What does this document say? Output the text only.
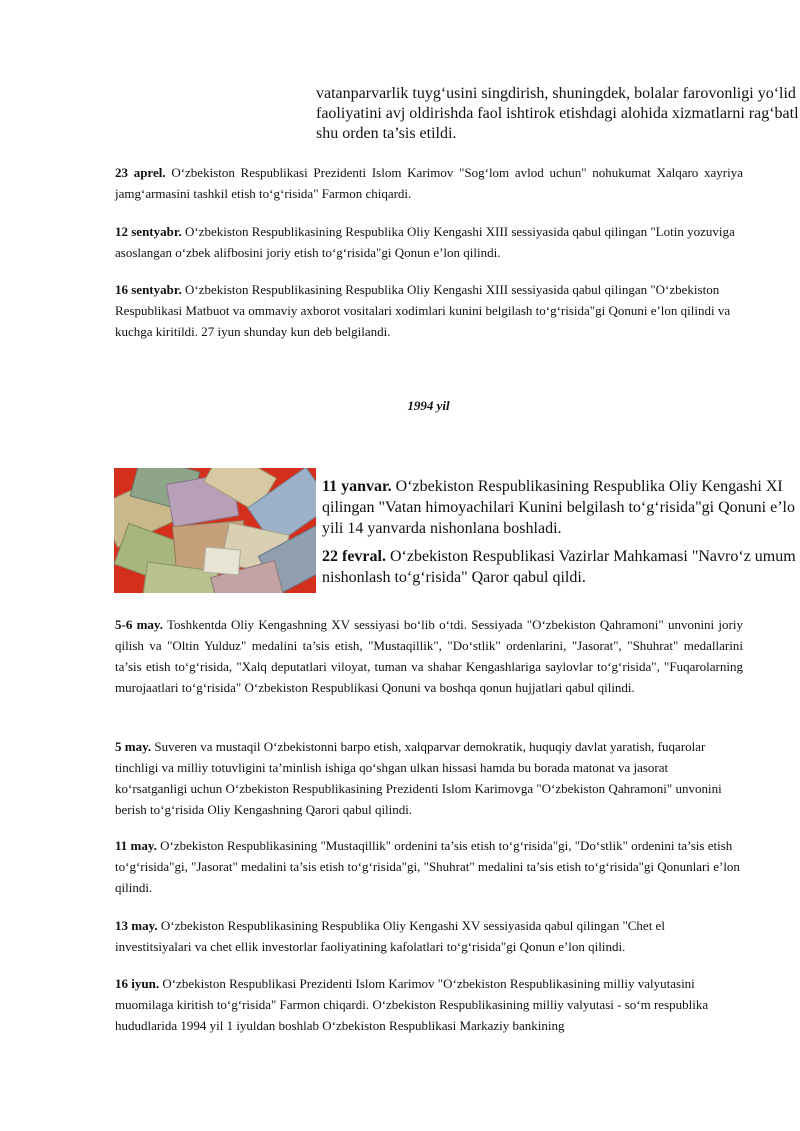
vatanparvarlik tuyg‘usini singdirish, shuningdek, bolalar farovonligi yo‘lid
faoliyatini avj oldirishda faol ishtirok etishdagi alohida xizmatlarni rag‘batl
shu orden ta’sis etildi.
23 aprel. O‘zbekiston Respublikasi Prezidenti Islom Karimov "Sog‘lom avlod uchun" nohukumat Xalqaro xayriya jamg‘armasini tashkil etish to‘g‘risida" Farmon chiqardi.
12 sentyabr. O‘zbekiston Respublikasining Respublika Oliy Kengashi XIII sessiyasida qabul qilingan "Lotin yozuviga asoslangan o‘zbek alifbosini joriy etish to‘g‘risida"gi Qonun e’lon qilindi.
16 sentyabr. O‘zbekiston Respublikasining Respublika Oliy Kengashi XIII sessiyasida qabul qilingan "O‘zbekiston Respublikasi Matbuot va ommaviy axborot vositalari xodimlari kunini belgilash to‘g‘risida"gi Qonuni e’lon qilindi va kuchga kiritildi. 27 iyun shunday kun deb belgilandi.
1994 yil
11 yanvar. O‘zbekiston Respublikasining Respublika Oliy Kengashi XI
qilingan "Vatan himoyachilari Kunini belgilash to‘g‘risida"gi Qonuni e’lo
yili 14 yanvarda nishonlana boshladi.
22 fevral. O‘zbekiston Respublikasi Vazirlar Mahkamasi "Navro‘z umum
nishonlash to‘g‘risida" Qaror qabul qildi.
5-6 may. Toshkentda Oliy Kengashning XV sessiyasi bo‘lib o‘tdi. Sessiyada "O‘zbekiston Qahramoni" unvonini joriy qilish va "Oltin Yulduz" medalini ta’sis etish, "Mustaqillik", "Do‘stlik" ordenlarini, "Jasorat", "Shuhrat" medallarini ta’sis etish to‘g‘risida, "Xalq deputatlari viloyat, tuman va shahar Kengashlariga saylovlar to‘g‘risida", "Fuqarolarning murojaatlari to‘g‘risida" O‘zbekiston Respublikasi Qonuni va boshqa qonun hujjatlari qabul qilindi.
5 may. Suveren va mustaqil O‘zbekistonni barpo etish, xalqparvar demokratik, huquqiy davlat yaratish, fuqarolar tinchligi va milliy totuvligini ta’minlish ishiga qo‘shgan ulkan hissasi hamda bu borada matonat va jasorat ko‘rsatganligi uchun O‘zbekiston Respublikasining Prezidenti Islom Karimovga "O‘zbekiston Qahramoni" unvonini berish to‘g‘risida Oliy Kengashning Qarori qabul qilindi.
11 may. O‘zbekiston Respublikasining "Mustaqillik" ordenini ta’sis etish to‘g‘risida"gi, "Do‘stlik" ordenini ta’sis etish to‘g‘risida"gi, "Jasorat" medalini ta’sis etish to‘g‘risida"gi, "Shuhrat" medalini ta’sis etish to‘g‘risida"gi Qonunlari e’lon qilindi.
13 may. O‘zbekiston Respublikasining Respublika Oliy Kengashi XV sessiyasida qabul qilingan "Chet el investitsiyalari va chet ellik investorlar faoliyatining kafolatlari to‘g‘risida"gi Qonun e’lon qilindi.
16 iyun. O‘zbekiston Respublikasi Prezidenti Islom Karimov "O‘zbekiston Respublikasining milliy valyutasini muomilaga kiritish to‘g‘risida" Farmon chiqardi. O‘zbekiston Respublikasining milliy valyutasi - so‘m respublika hududlarida 1994 yil 1 iyuldan boshlab O‘zbekiston Respublikasi Markaziy bankining
